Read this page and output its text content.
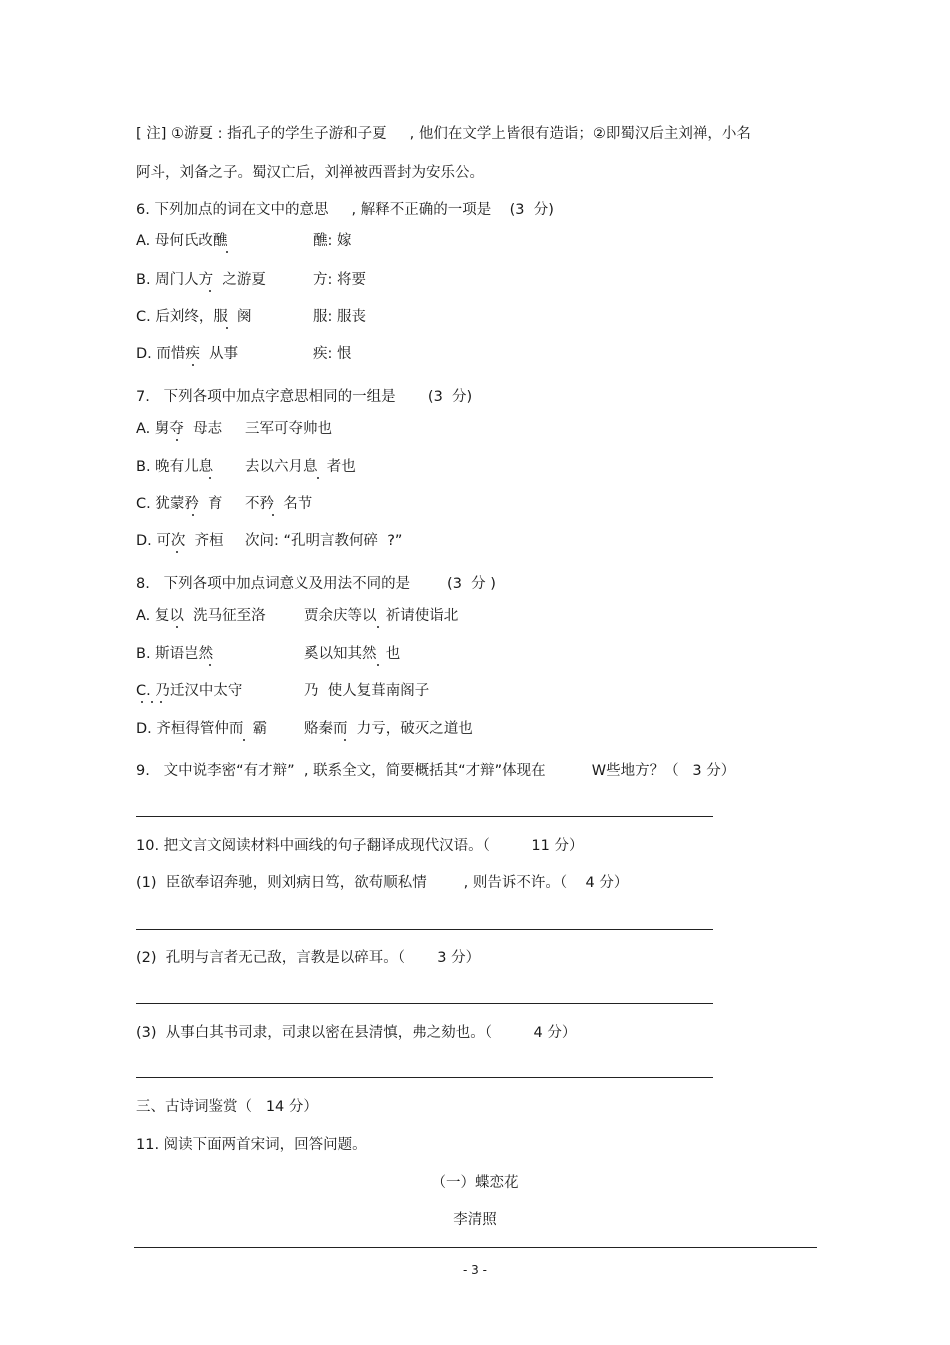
[ 注] ①游夏 : 指孔子的学生子游和子夏     , 他们在文学上皆很有造诣；②即蜀汉后主刘禅，小名
阿斗，刘备之子。蜀汉亡后，刘禅被西晋封为安乐公。
6. 下列加点的词在文中的意思     , 解释不正确的一项是    (3  分)
A. 母何氏改醮	醮: 嫁
B. 周门人方  之游夏	方: 将要
C. 后刘终，服  阕	服: 服丧
D. 而惜疾  从事	疾: 恨
7.   下列各项中加点字意思相同的一组是       (3  分)
A. 舅夺  母志 三军可夺帅也
B. 晚有儿息 去以六月息  者也
C. 犹蒙矜  育 不矜  名节
D. 可次  齐桓 次问: “孔明言教何碎  ?”
8.   下列各项中加点词意义及用法不同的是        (3  分 )
A. 复以  洗马征至洛	贾余庆等以  祈请使诣北
B. 斯语岂然	奚以知其然  也
C. 乃迁汉中太守	乃  使人复葺南阁子
D. 齐桓得管仲而  霸	赂秦而  力亏，破灭之道也
9.   文中说李密“有才辩”  , 联系全文，简要概括其“才辩”体现在          W些地方？（   3 分）
10. 把文言文阅读材料中画线的句子翻译成现代汉语。（         11 分）
(1)  臣欲奉诏奔驰，则刘病日笃，欲苟顺私情        , 则告诉不许。（    4 分）
(2)  孔明与言者无己敌，言教是以碎耳。（       3 分）
(3)  从事白其书司隶，司隶以密在县清慎，弗之劾也。（         4 分）
三、古诗词鉴赏（   14 分）
11. 阅读下面两首宋词，回答问题。
（一）蝶恋花
李清照
- 3 -
